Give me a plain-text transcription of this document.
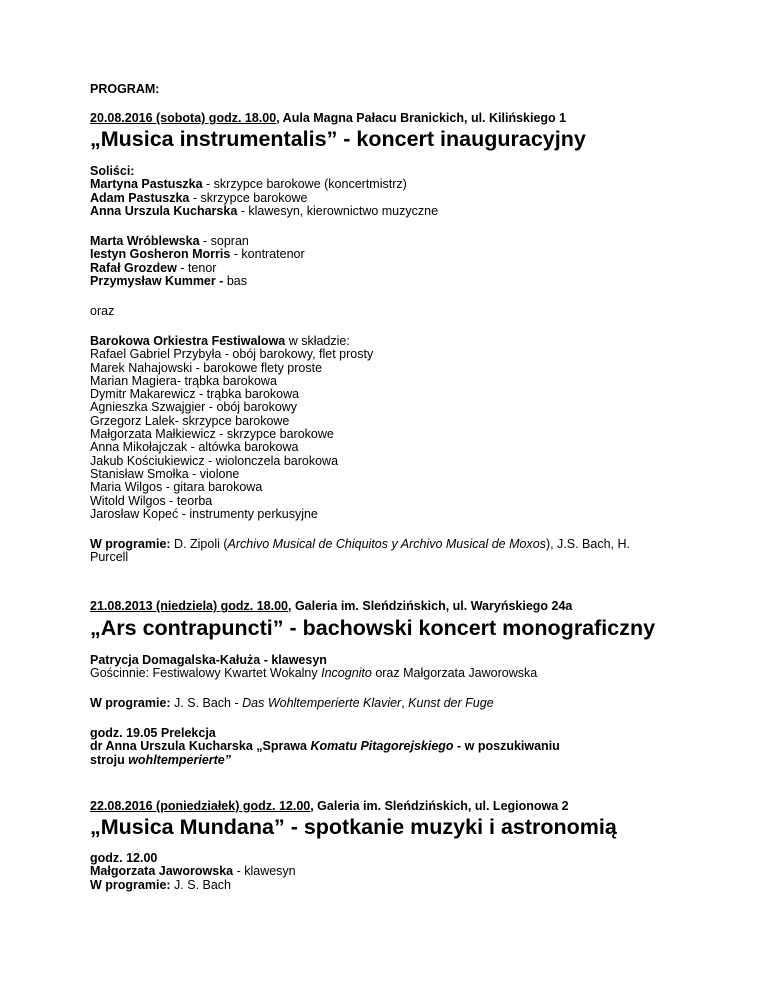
PROGRAM:
20.08.2016 (sobota) godz. 18.00, Aula Magna Pałacu Branickich, ul. Kilińskiego 1
„Musica instrumentalis” - koncert inauguracyjny
Soliści:
Martyna Pastuszka - skrzypce barokowe (koncertmistrz)
Adam Pastuszka - skrzypce barokowe
Anna Urszula Kucharska - klawesyn, kierownictwo muzyczne
Marta Wróblewska - sopran
Iestyn Gosheron Morris - kontratenor
Rafał Grozdew - tenor
Przymysław Kummer - bas
oraz
Barokowa Orkiestra Festiwalowa w składzie:
Rafael Gabriel Przybyła - obój barokowy, flet prosty
Marek Nahajowski - barokowe flety proste
Marian Magiera- trąbka barokowa
Dymitr Makarewicz - trąbka barokowa
Agnieszka Szwajgier - obój barokowy
Grzegorz Lalek- skrzypce barokowe
Małgorzata Małkiewicz - skrzypce barokowe
Anna Mikołajczak - altówka barokowa
Jakub Kościukiewicz - wiolonczela barokowa
Stanisław Smołka - violone
Maria Wilgos - gitara barokowa
Witold Wilgos - teorba
Jarosław Kopeć - instrumenty perkusyjne
W programie: D. Zipoli (Archivo Musical de Chiquitos y Archivo Musical de Moxos), J.S. Bach, H.
Purcell
21.08.2013 (niedziela) godz. 18.00, Galeria im. Sleńdzińskich, ul. Waryńskiego 24a
„Ars contrapuncti” - bachowski koncert monograficzny
Patrycja Domagalska-Kałuża - klawesyn
Gościnnie: Festiwalowy Kwartet Wokalny Incognito oraz Małgorzata Jaworowska
W programie: J. S. Bach - Das Wohltemperierte Klavier, Kunst der Fuge
godz. 19.05 Prelekcja
dr Anna Urszula Kucharska „Sprawa Komatu Pitagorejskiego - w poszukiwaniu
stroju wohltemperierte”
22.08.2016 (poniedziałek) godz. 12.00, Galeria im. Sleńdzińskich, ul. Legionowa 2
„Musica Mundana” - spotkanie muzyki i astronomią
godz. 12.00
Małgorzata Jaworowska - klawesyn
W programie: J. S. Bach
